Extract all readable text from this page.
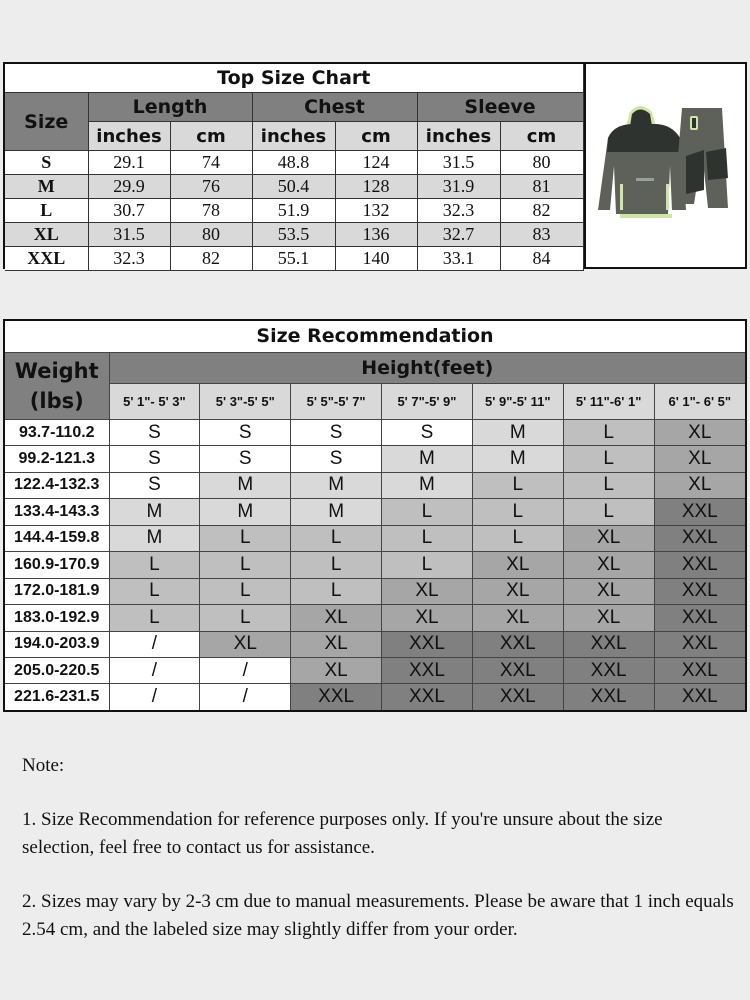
Top Size Chart						
Size	Length		Chest		Sleeve	
	inches	cm	inches	cm	inches	cm
S	29.1	74	48.8	124	31.5	80
M	29.9	76	50.4	128	31.9	81
L	30.7	78	51.9	132	32.3	82
XL	31.5	80	53.5	136	32.7	83
XXL	32.3	82	55.1	140	33.1	84
Size Recommendation							

Weight
(lbs)	Height(feet)						
	5' 1"- 5' 3"	5' 3"-5' 5"	5' 5"-5' 7"	5' 7"-5' 9"	5' 9"-5' 11"	5' 11"-6' 1"	6' 1"- 6' 5"
93.7-110.2	S	S	S	S	M	L	XL
99.2-121.3	S	S	S	M	M	L	XL
122.4-132.3	S	M	M	M	L	L	XL
133.4-143.3	M	M	M	L	L	L	XXL
144.4-159.8	M	L	L	L	L	XL	XXL
160.9-170.9	L	L	L	L	XL	XL	XXL
172.0-181.9	L	L	L	XL	XL	XL	XXL
183.0-192.9	L	L	XL	XL	XL	XL	XXL
194.0-203.9	/	XL	XL	XXL	XXL	XXL	XXL
205.0-220.5	/	/	XL	XXL	XXL	XXL	XXL
221.6-231.5	/	/	XXL	XXL	XXL	XXL	XXL

Note:

1. Size Recommendation for reference purposes only. If you're unsure about the size selection, feel free to contact us for assistance.

2. Sizes may vary by 2-3 cm due to manual measurements. Please be aware that 1 inch equals 2.54 cm, and the labeled size may slightly differ from your order.
